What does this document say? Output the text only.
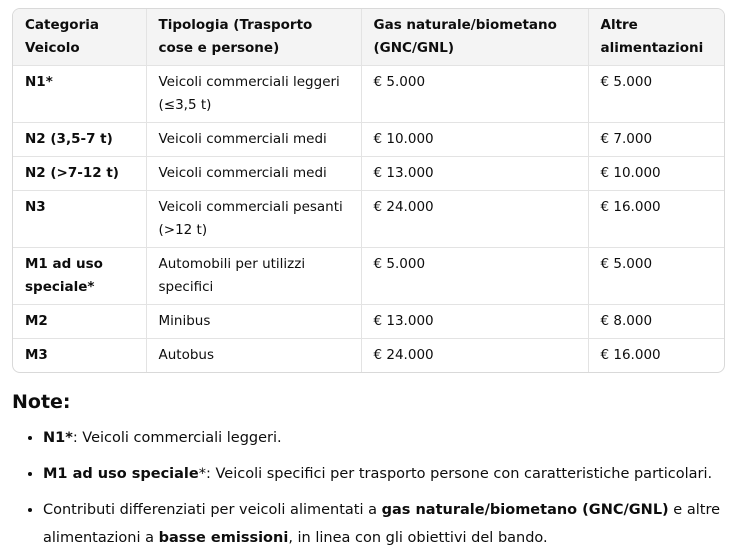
Categoria Veicolo	Tipologia (Trasporto cose e persone)	Gas naturale/biometano (GNC/GNL)	Altre alimentazioni
N1*	Veicoli commerciali leggeri (≤3,5 t)	€ 5.000	€ 5.000
N2 (3,5-7 t)	Veicoli commerciali medi	€ 10.000	€ 7.000
N2 (>7-12 t)	Veicoli commerciali medi	€ 13.000	€ 10.000
N3	Veicoli commerciali pesanti (>12 t)	€ 24.000	€ 16.000
M1 ad uso speciale*	Automobili per utilizzi specifici	€ 5.000	€ 5.000
M2	Minibus	€ 13.000	€ 8.000
M3	Autobus	€ 24.000	€ 16.000
Note:
• N1*: Veicoli commerciali leggeri.
• M1 ad uso speciale*: Veicoli specifici per trasporto persone con caratteristiche particolari.
• Contributi differenziati per veicoli alimentati a gas naturale/biometano (GNC/GNL) e altre alimentazioni a basse emissioni, in linea con gli obiettivi del bando.
